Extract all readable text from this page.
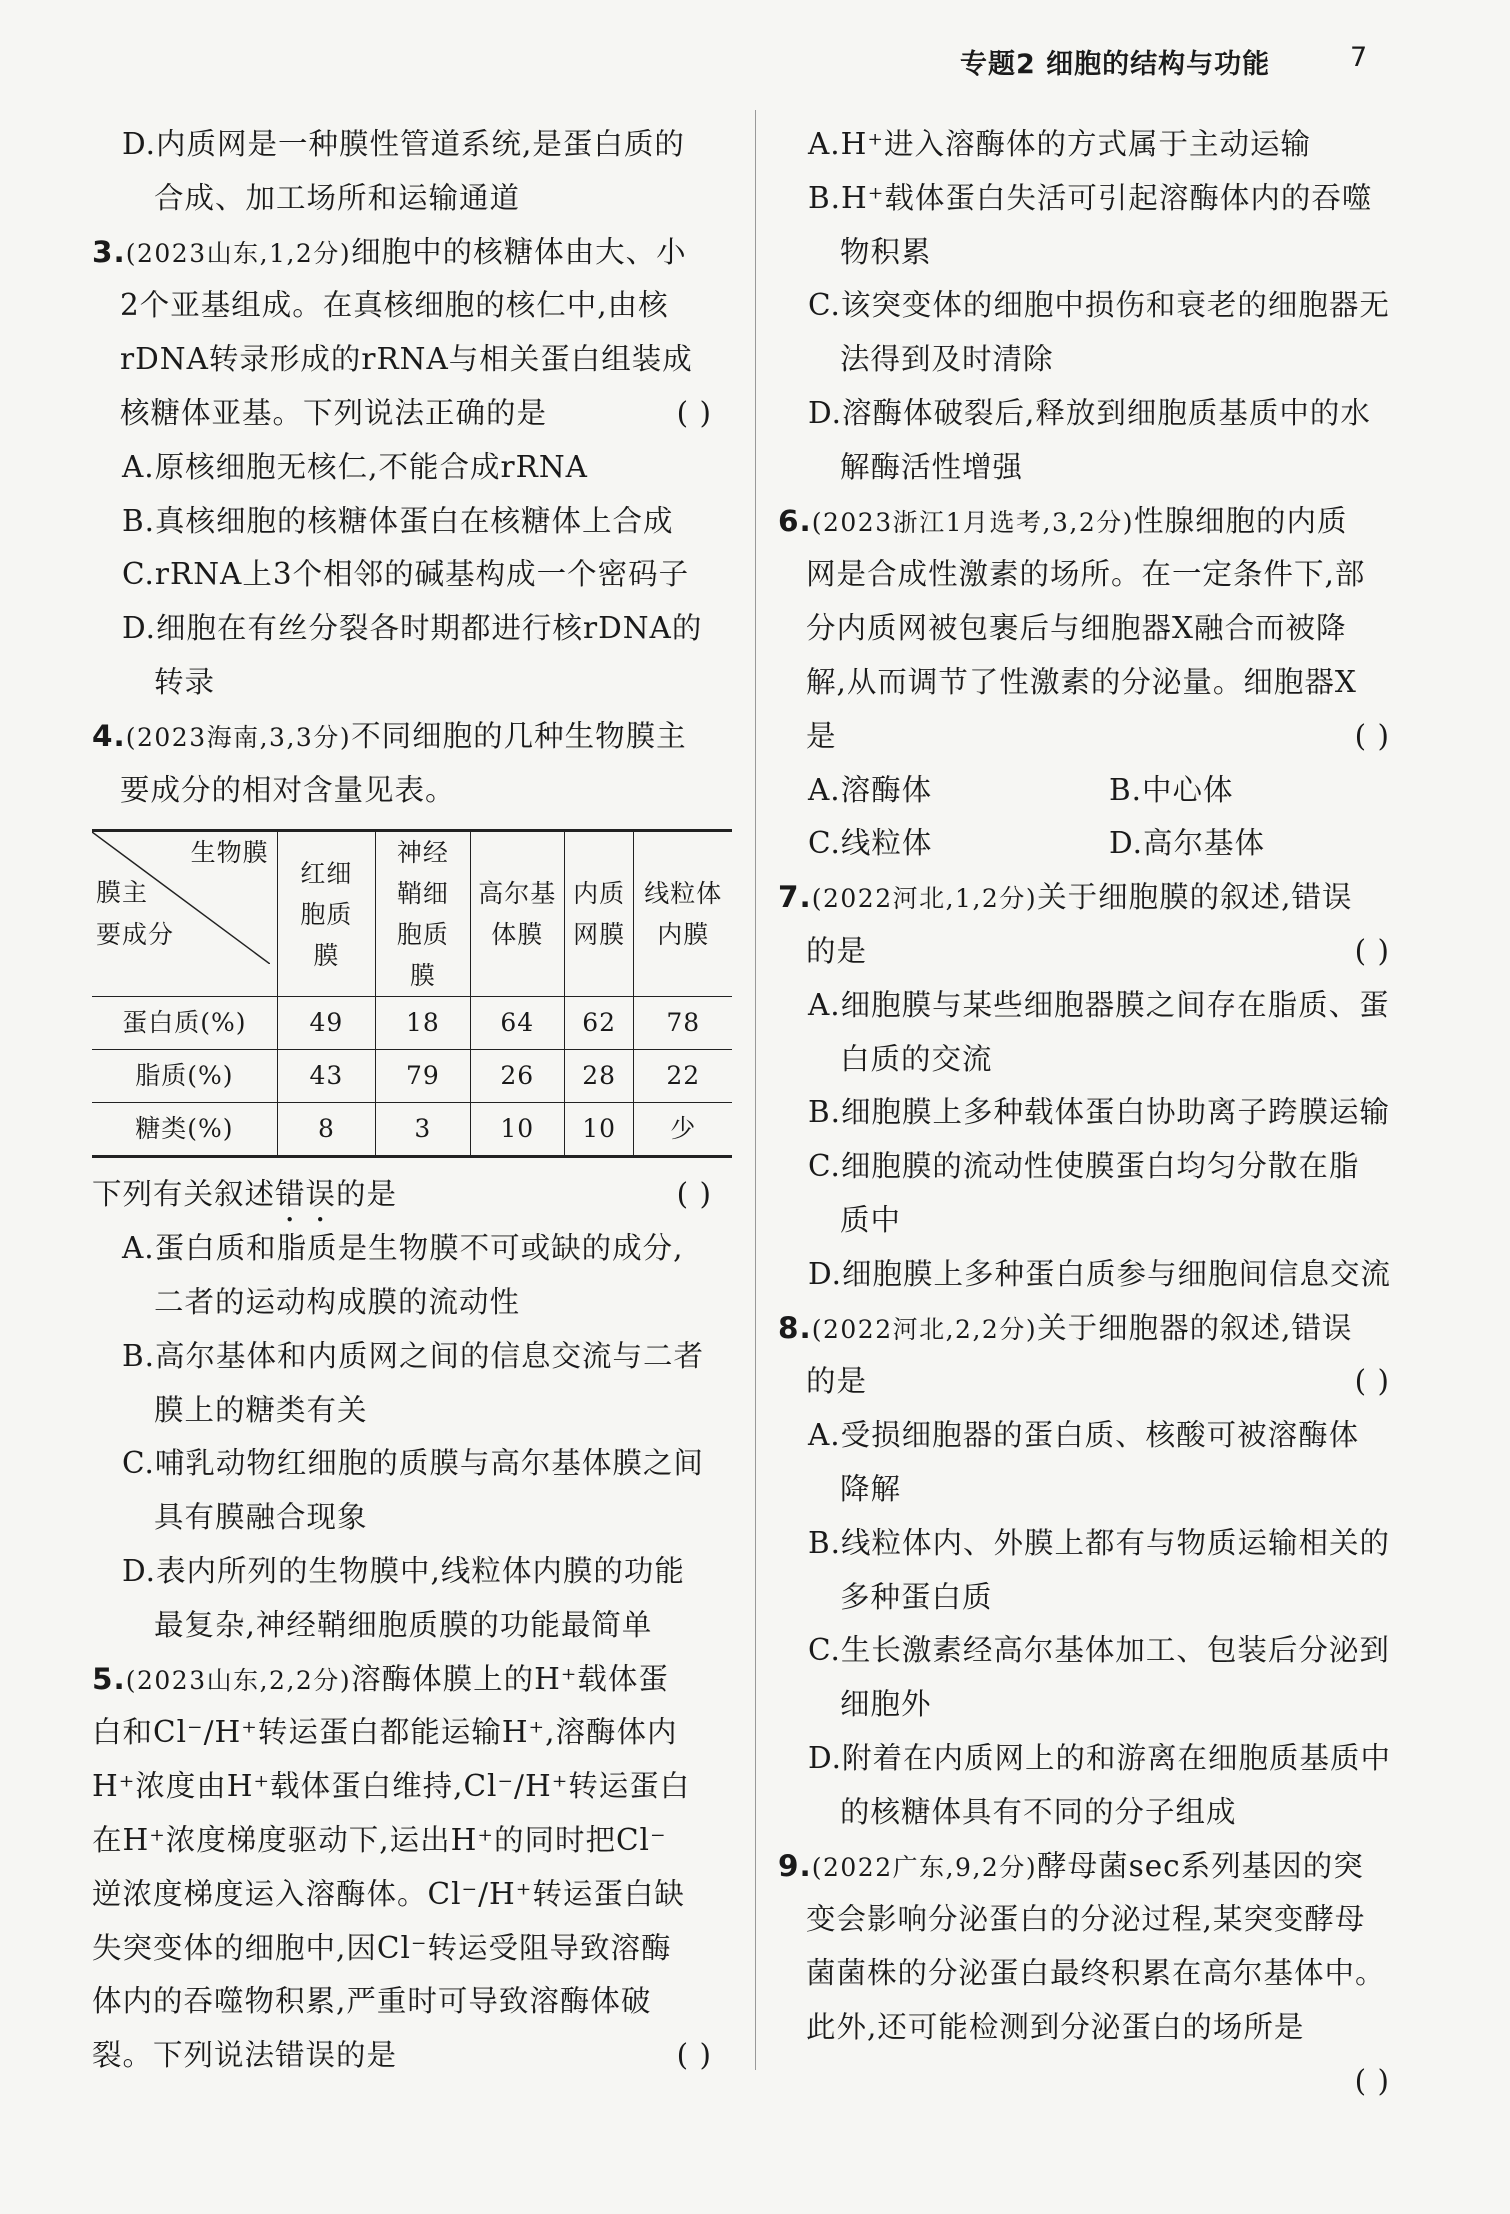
专题2 细胞的结构与功能	7
D.内质网是一种膜性管道系统,是蛋白质的
合成、加工场所和运输通道
3.(2023山东,1,2分)细胞中的核糖体由大、小
2个亚基组成。在真核细胞的核仁中,由核
rDNA转录形成的rRNA与相关蛋白组装成
核糖体亚基。下列说法正确的是	( )
A.原核细胞无核仁,不能合成rRNA
B.真核细胞的核糖体蛋白在核糖体上合成
C.rRNA上3个相邻的碱基构成一个密码子
D.细胞在有丝分裂各时期都进行核rDNA的
转录
4.(2023海南,3,3分)不同细胞的几种生物膜主
要成分的相对含量见表。
生物膜
膜主
要成分	红细胞质膜	神经鞘细胞质膜	高尔基体膜	内质网膜	线粒体内膜
蛋白质(%)	49	18	64	62	78
脂质(%)	43	79	26	28	22
糖类(%)	8	3	10	10	少
下列有关叙述错误的是	( )
A.蛋白质和脂质是生物膜不可或缺的成分,
二者的运动构成膜的流动性
B.高尔基体和内质网之间的信息交流与二者
膜上的糖类有关
C.哺乳动物红细胞的质膜与高尔基体膜之间
具有膜融合现象
D.表内所列的生物膜中,线粒体内膜的功能
最复杂,神经鞘细胞质膜的功能最简单
5.(2023山东,2,2分)溶酶体膜上的H⁺载体蛋
白和Cl⁻/H⁺转运蛋白都能运输H⁺,溶酶体内
H⁺浓度由H⁺载体蛋白维持,Cl⁻/H⁺转运蛋白
在H⁺浓度梯度驱动下,运出H⁺的同时把Cl⁻
逆浓度梯度运入溶酶体。Cl⁻/H⁺转运蛋白缺
失突变体的细胞中,因Cl⁻转运受阻导致溶酶
体内的吞噬物积累,严重时可导致溶酶体破
裂。下列说法错误的是	( )
A.H⁺进入溶酶体的方式属于主动运输
B.H⁺载体蛋白失活可引起溶酶体内的吞噬
物积累
C.该突变体的细胞中损伤和衰老的细胞器无
法得到及时清除
D.溶酶体破裂后,释放到细胞质基质中的水
解酶活性增强
6.(2023浙江1月选考,3,2分)性腺细胞的内质
网是合成性激素的场所。在一定条件下,部
分内质网被包裹后与细胞器X融合而被降
解,从而调节了性激素的分泌量。细胞器X
是	( )
A.溶酶体	B.中心体
C.线粒体	D.高尔基体
7.(2022河北,1,2分)关于细胞膜的叙述,错误
的是	( )
A.细胞膜与某些细胞器膜之间存在脂质、蛋
白质的交流
B.细胞膜上多种载体蛋白协助离子跨膜运输
C.细胞膜的流动性使膜蛋白均匀分散在脂
质中
D.细胞膜上多种蛋白质参与细胞间信息交流
8.(2022河北,2,2分)关于细胞器的叙述,错误
的是	( )
A.受损细胞器的蛋白质、核酸可被溶酶体
降解
B.线粒体内、外膜上都有与物质运输相关的
多种蛋白质
C.生长激素经高尔基体加工、包装后分泌到
细胞外
D.附着在内质网上的和游离在细胞质基质中
的核糖体具有不同的分子组成
9.(2022广东,9,2分)酵母菌sec系列基因的突
变会影响分泌蛋白的分泌过程,某突变酵母
菌菌株的分泌蛋白最终积累在高尔基体中。
此外,还可能检测到分泌蛋白的场所是
( )
